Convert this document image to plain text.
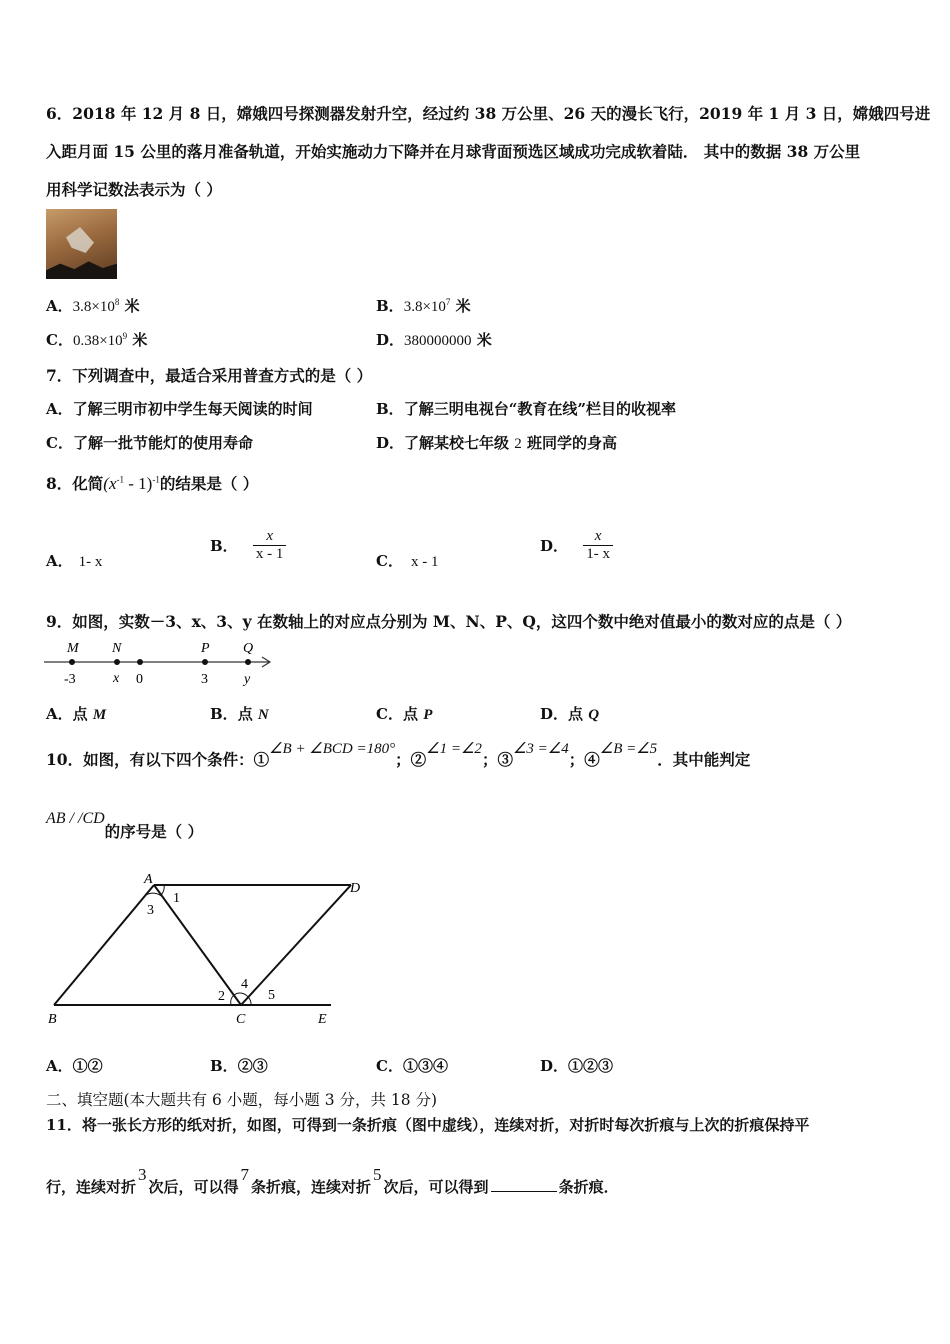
6．2018 年 12 月 8 日，嫦娥四号探测器发射升空，经过约 38 万公里、26 天的漫长飞行，2019 年 1 月 3 日，嫦娥四号进
入距月面 15 公里的落月准备轨道，开始实施动力下降并在月球背面预选区域成功完成软着陆． 其中的数据 38 万公里
用科学记数法表示为（ ）
A．$3.8\times 10^8$ 米	B．$3.8\times 10^7$ 米
C．$0.38\times 10^9$ 米	D．380000000 米
7．下列调查中，最适合采用普查方式的是（ ）
A．了解三明市初中学生每天阅读的时间	B．了解三明电视台“教育在线”栏目的收视率
C．了解一批节能灯的使用寿命	D．了解某校七年级 2 班同学的身高
8．化简$(x^{-1} - 1)^{-1}$的结果是（ ）
A． 1- x
B． $\frac{x}{x - 1}$	C． x - 1
D． $\frac{x}{1- x}$
9．如图，实数－3、x、3、y 在数轴上的对应点分别为 M、N、P、Q，这四个数中绝对值最小的数对应的点是（ ）
M N	P Q
-3	x 0	3	y
A．点 M	B．点 N	C．点 P	D．点 Q
10．如图，有以下四个条件：①∠B + ∠BCD =180°；②∠1 =∠2；③∠3 =∠4；④∠B =∠5．其中能判定
AB / /CD的序号是（ ）
A
D
B	C	E
1
3
2
4
5
A．①②	B．②③	C．①③④	D．①②③
二、填空题(本大题共有 6 小题，每小题 3 分，共 18 分)
11．将一张长方形的纸对折，如图，可得到一条折痕（图中虚线），连续对折，对折时每次折痕与上次的折痕保持平
行，连续对折3次后，可以得7条折痕，连续对折5次后，可以得到	条折痕．
